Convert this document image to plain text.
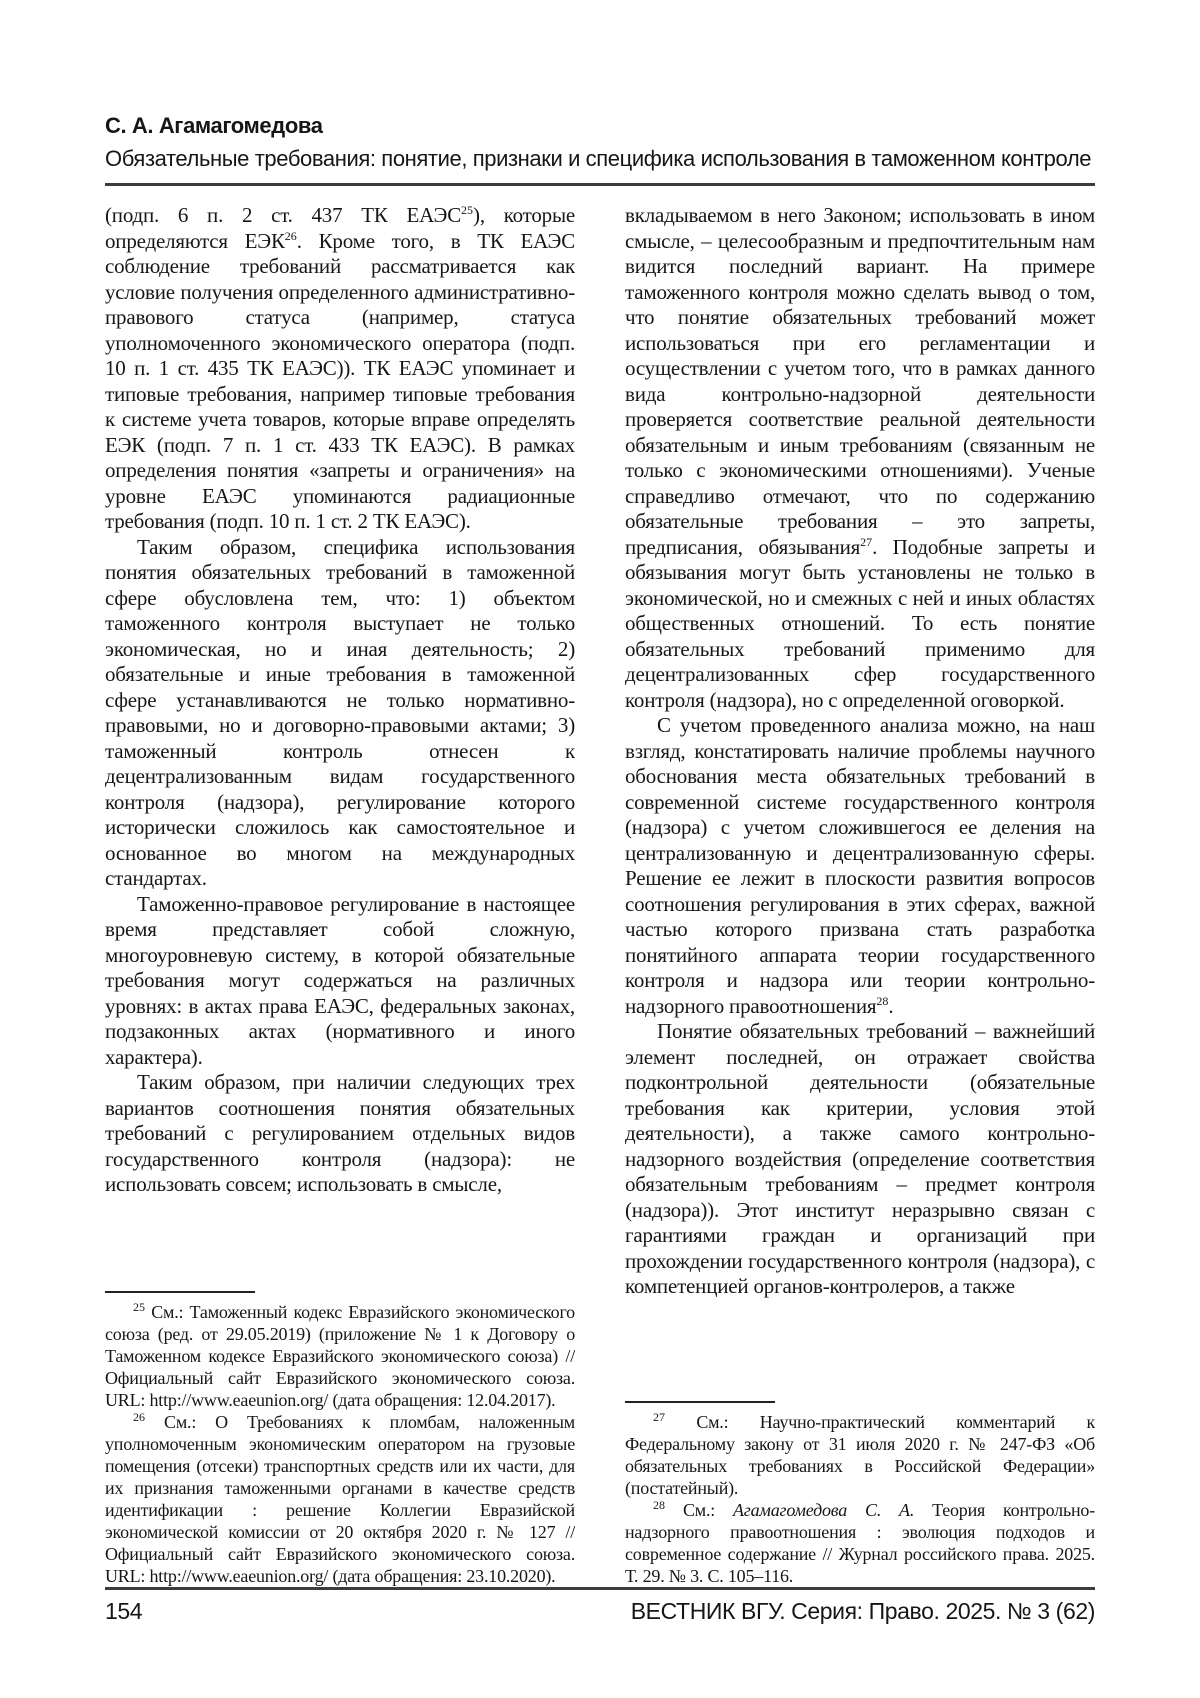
С. А. Агамагомедова
Обязательные требования: понятие, признаки и специфика использования в таможенном контроле

(подп. 6 п. 2 ст. 437 ТК ЕАЭС$^{25}$), которые определяются ЕЭК$^{26}$. Кроме того, в ТК ЕАЭС соблюдение требований рассматривается как условие получения определенного административно-правового статуса (например, статуса уполномоченного экономического оператора (подп. 10 п. 1 ст. 435 ТК ЕАЭС)). ТК ЕАЭС упоминает и типовые требования, например типовые требования к системе учета товаров, которые вправе определять ЕЭК (подп. 7 п. 1 ст. 433 ТК ЕАЭС). В рамках определения понятия «запреты и ограничения» на уровне ЕАЭС упоминаются радиационные требования (подп. 10 п. 1 ст. 2 ТК ЕАЭС).

Таким образом, специфика использования понятия обязательных требований в таможенной сфере обусловлена тем, что: 1) объектом таможенного контроля выступает не только экономическая, но и иная деятельность; 2) обязательные и иные требования в таможенной сфере устанавливаются не только нормативно-правовыми, но и договорно-правовыми актами; 3) таможенный контроль отнесен к децентрализованным видам государственного контроля (надзора), регулирование которого исторически сложилось как самостоятельное и основанное во многом на международных стандартах.

Таможенно-правовое регулирование в настоящее время представляет собой сложную, многоуровневую систему, в которой обязательные требования могут содержаться на различных уровнях: в актах права ЕАЭС, федеральных законах, подзаконных актах (нормативного и иного характера).

Таким образом, при наличии следующих трех вариантов соотношения понятия обязательных требований с регулированием отдельных видов государственного контроля (надзора): не использовать совсем; использовать в смысле,

$^{25}$ См.: Таможенный кодекс Евразийского экономического союза (ред. от 29.05.2019) (приложение № 1 к Договору о Таможенном кодексе Евразийского экономического союза) // Официальный сайт Евразийского экономического союза. URL: http://www.eaeunion.org/ (дата обращения: 12.04.2017).

$^{26}$ См.: О Требованиях к пломбам, наложенным уполномоченным экономическим оператором на грузовые помещения (отсеки) транспортных средств или их части, для их признания таможенными органами в качестве средств идентификации : решение Коллегии Евразийской экономической комиссии от 20 октября 2020 г. № 127 // Официальный сайт Евразийского экономического союза. URL: http://www.eaeunion.org/ (дата обращения: 23.10.2020).

вкладываемом в него Законом; использовать в ином смысле, – целесообразным и предпочтительным нам видится последний вариант. На примере таможенного контроля можно сделать вывод о том, что понятие обязательных требований может использоваться при его регламентации и осуществлении с учетом того, что в рамках данного вида контрольно-надзорной деятельности проверяется соответствие реальной деятельности обязательным и иным требованиям (связанным не только с экономическими отношениями). Ученые справедливо отмечают, что по содержанию обязательные требования – это запреты, предписания, обязывания$^{27}$. Подобные запреты и обязывания могут быть установлены не только в экономической, но и смежных с ней и иных областях общественных отношений. То есть понятие обязательных требований применимо для децентрализованных сфер государственного контроля (надзора), но с определенной оговоркой.

С учетом проведенного анализа можно, на наш взгляд, констатировать наличие проблемы научного обоснования места обязательных требований в современной системе государственного контроля (надзора) с учетом сложившегося ее деления на централизованную и децентрализованную сферы. Решение ее лежит в плоскости развития вопросов соотношения регулирования в этих сферах, важной частью которого призвана стать разработка понятийного аппарата теории государственного контроля и надзора или теории контрольно-надзорного правоотношения$^{28}$.

Понятие обязательных требований – важнейший элемент последней, он отражает свойства подконтрольной деятельности (обязательные требования как критерии, условия этой деятельности), а также самого контрольно-надзорного воздействия (определение соответствия обязательным требованиям – предмет контроля (надзора)). Этот институт неразрывно связан с гарантиями граждан и организаций при прохождении государственного контроля (надзора), с компетенцией органов-контролеров, а также

$^{27}$ См.: Научно-практический комментарий к Федеральному закону от 31 июля 2020 г. № 247-ФЗ «Об обязательных требованиях в Российской Федерации» (постатейный).

$^{28}$ См.: Агамагомедова С. А. Теория контрольно-надзорного правоотношения : эволюция подходов и современное содержание // Журнал российского права. 2025. Т. 29. № 3. С. 105–116.

154	ВЕСТНИК ВГУ. Серия: Право. 2025. № 3 (62)
